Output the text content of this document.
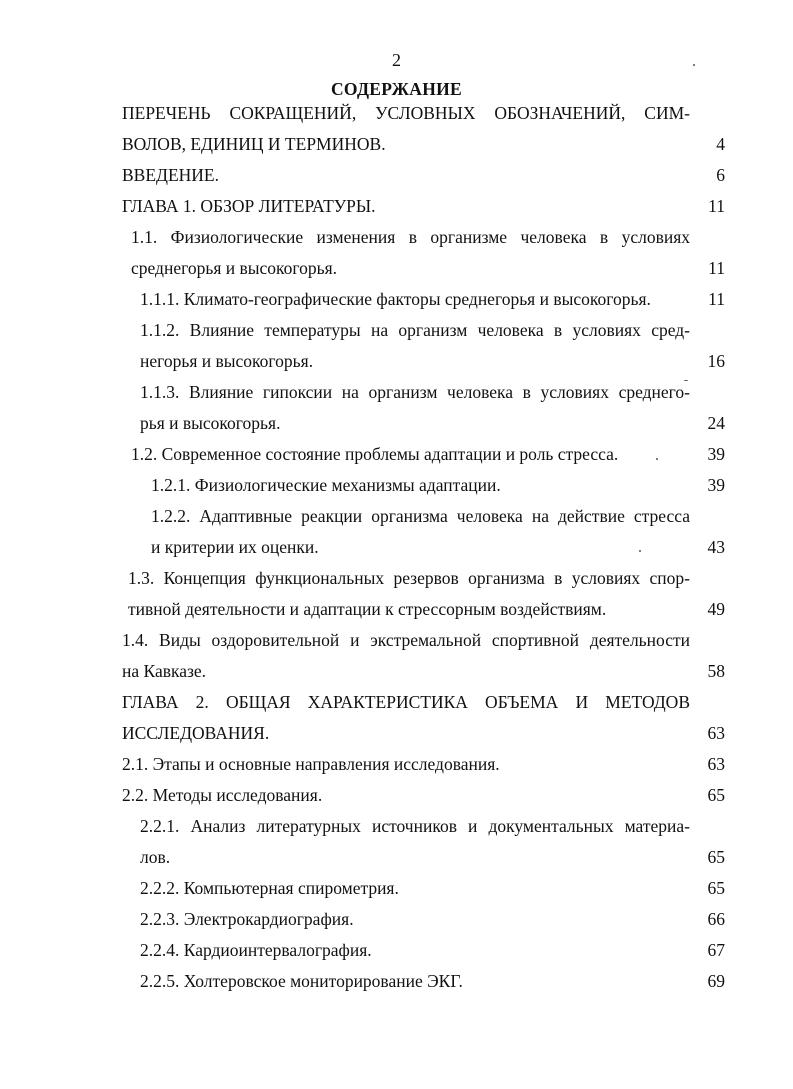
2
СОДЕРЖАНИЕ
ПЕРЕЧЕНЬ СОКРАЩЕНИЙ, УСЛОВНЫХ ОБОЗНАЧЕНИЙ, СИМ-
ВОЛОВ, ЕДИНИЦ И ТЕРМИНОВ.	4
ВВЕДЕНИЕ.	6
ГЛАВА 1. ОБЗОР ЛИТЕРАТУРЫ.	11
1.1. Физиологические изменения в организме человека в условиях
среднегорья и высокогорья.	11
1.1.1. Климато-географические факторы среднегорья и высокогорья.	11
1.1.2. Влияние температуры на организм человека в условиях сред-
негорья и высокогорья.	16
1.1.3. Влияние гипоксии на организм человека в условиях среднего-
рья и высокогорья.	24
1.2. Современное состояние проблемы адаптации и роль стресса.	39
1.2.1. Физиологические механизмы адаптации.	39
1.2.2. Адаптивные реакции организма человека на действие стресса
и критерии их оценки.	43
1.3. Концепция функциональных резервов организма в условиях спор-
тивной деятельности и адаптации к стрессорным воздействиям.	49
1.4. Виды оздоровительной и экстремальной спортивной деятельности
на Кавказе.	58
ГЛАВА 2. ОБЩАЯ ХАРАКТЕРИСТИКА ОБЪЕМА И МЕТОДОВ
ИССЛЕДОВАНИЯ.	63
2.1. Этапы и основные направления исследования.	63
2.2. Методы исследования.	65
2.2.1. Анализ литературных источников и документальных материа-
лов.	65
2.2.2. Компьютерная спирометрия.	65
2.2.3. Электрокардиография.	66
2.2.4. Кардиоинтервалография.	67
2.2.5. Холтеровское мониторирование ЭКГ.	69
